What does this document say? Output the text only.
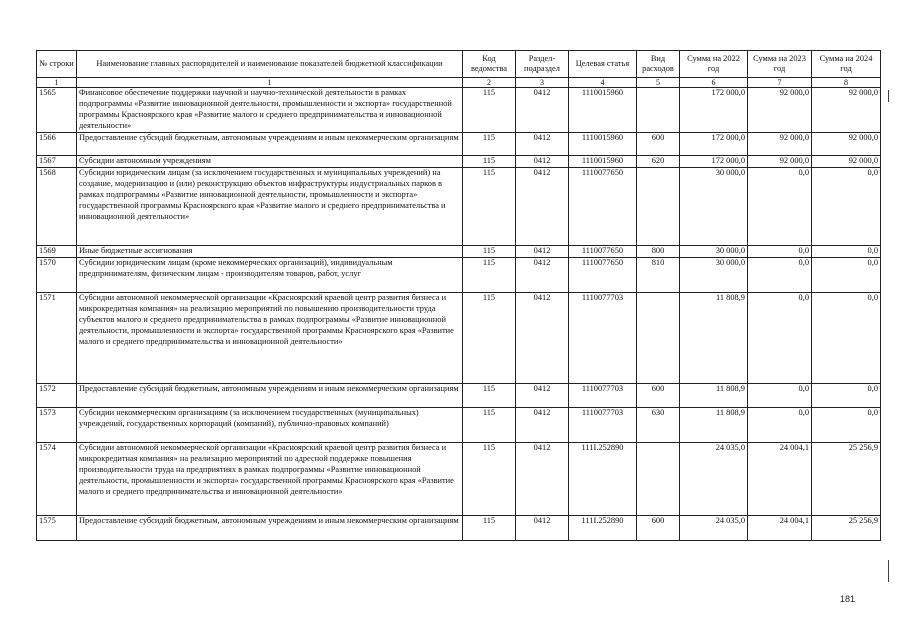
№ строки	Наименование главных распорядителей и наименование показателей бюджетной классификации	Код ведомства	Раздел-подраздел	Целевая статья	Вид расходов	Сумма на 2022 год	Сумма на 2023 год	Сумма на 2024 год
1	1	2	3	4	5	6	7	8
1565	Финансовое обеспечение поддержки научной и научно-технической деятельности в рамках подпрограммы «Развитие инновационной деятельности, промышленности и экспорта» государственной программы Красноярского края «Развитие малого и среднего предпринимательства и инновационной деятельности»	115	0412	1110015960		172 000,0	92 000,0	92 000,0
1566	Предоставление субсидий бюджетным, автономным учреждениям и иным некоммерческим организациям	115	0412	1110015960	600	172 000,0	92 000,0	92 000,0
1567	Субсидии автономным учреждениям	115	0412	1110015960	620	172 000,0	92 000,0	92 000,0
1568	Субсидии юридическим лицам (за исключением государственных и муниципальных учреждений) на создание, модернизацию и (или) реконструкцию объектов инфраструктуры индустриальных парков в рамках подпрограммы «Развитие инновационной деятельности, промышленности и экспорта» государственной программы Красноярского края «Развитие малого и среднего предпринимательства и инновационной деятельности»	115	0412	1110077650		30 000,0	0,0	0,0
1569	Иные бюджетные ассигнования	115	0412	1110077650	800	30 000,0	0,0	0,0
1570	Субсидии юридическим лицам (кроме некоммерческих организаций), индивидуальным предпринимателям, физическим лицам - производителям товаров, работ, услуг	115	0412	1110077650	810	30 000,0	0,0	0,0
1571	Субсидии автономной некоммерческой организации «Красноярский краевой центр развития бизнеса и микрокредитная компания» на реализацию мероприятий по повышению производительности труда субъектов малого и среднего предпринимательства в рамках подпрограммы «Развитие инновационной деятельности, промышленности и экспорта» государственной программы Красноярского края «Развитие малого и среднего предпринимательства и инновационной деятельности»	115	0412	1110077703		11 808,9	0,0	0,0
1572	Предоставление субсидий бюджетным, автономным учреждениям и иным некоммерческим организациям	115	0412	1110077703	600	11 808,9	0,0	0,0
1573	Субсидии некоммерческим организациям (за исключением государственных (муниципальных) учреждений, государственных корпораций (компаний), публично-правовых компаний)	115	0412	1110077703	630	11 808,9	0,0	0,0
1574	Субсидии автономной некоммерческой организации «Красноярский краевой центр развития бизнеса и микрокредитная компания» на реализацию мероприятий по адресной поддержке повышения производительности труда на предприятиях в рамках подпрограммы «Развитие инновационной деятельности, промышленности и экспорта» государственной программы Красноярского края «Развитие малого и среднего предпринимательства и инновационной деятельности»	115	0412	111I.252890		24 035,0	24 004,1	25 256,9
1575	Предоставление субсидий бюджетным, автономным учреждениям и иным некоммерческим организациям	115	0412	111I.252890	600	24 035,0	24 004,1	25 256,9
181
